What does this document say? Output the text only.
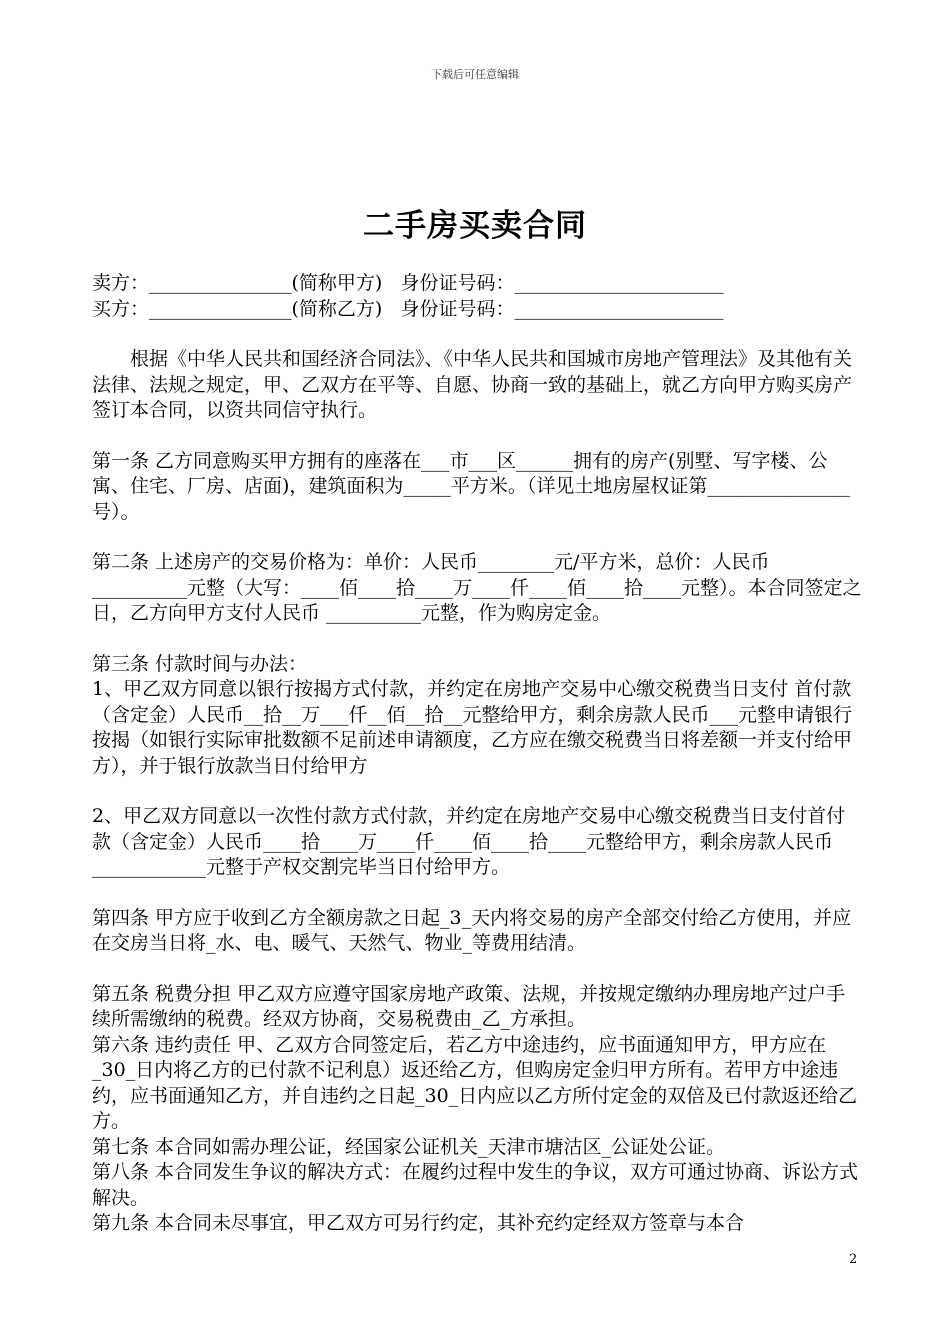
下载后可任意编辑
二手房买卖合同

卖方：_______________(简称甲方)   身份证号码：______________________

买方：_______________(简称乙方)   身份证号码：______________________

根据《中华人民共和国经济合同法》、《中华人民共和国城市房地产管理法》及其他有关法律、法规之规定，甲、乙双方在平等、自愿、协商一致的基础上，就乙方向甲方购买房产签订本合同，以资共同信守执行。

第一条 乙方同意购买甲方拥有的座落在___市___区______拥有的房产(别墅、写字楼、公寓、住宅、厂房、店面)，建筑面积为_____平方米。（详见土地房屋权证第_______________号）。

第二条 上述房产的交易价格为：单价：人民币________元/平方米，总价：人民币__________元整（大写：____佰____拾____万____仟____佰____拾____元整）。本合同签定之日，乙方向甲方支付人民币 __________元整，作为购房定金。

第三条 付款时间与办法：

1、甲乙双方同意以银行按揭方式付款，并约定在房地产交易中心缴交税费当日支付 首付款（含定金）人民币__拾__万___仟__佰__拾__元整给甲方，剩余房款人民币___元整申请银行按揭（如银行实际审批数额不足前述申请额度，乙方应在缴交税费当日将差额一并支付给甲方），并于银行放款当日付给甲方

2、甲乙双方同意以一次性付款方式付款，并约定在房地产交易中心缴交税费当日支付首付款（含定金）人民币____拾____万____仟____佰____拾____元整给甲方，剩余房款人民币____________元整于产权交割完毕当日付给甲方。

第四条 甲方应于收到乙方全额房款之日起_3_天内将交易的房产全部交付给乙方使用，并应在交房当日将_水、电、暖气、天然气、物业_等费用结清。

第五条 税费分担 甲乙双方应遵守国家房地产政策、法规，并按规定缴纳办理房地产过户手续所需缴纳的税费。经双方协商，交易税费由_乙_方承担。

第六条 违约责任 甲、乙双方合同签定后，若乙方中途违约，应书面通知甲方，甲方应在_30_日内将乙方的已付款不记利息）返还给乙方，但购房定金归甲方所有。若甲方中途违约，应书面通知乙方，并自违约之日起_30_日内应以乙方所付定金的双倍及已付款返还给乙方。

第七条 本合同如需办理公证，经国家公证机关_天津市塘沽区_公证处公证。

第八条 本合同发生争议的解决方式：在履约过程中发生的争议，双方可通过协商、诉讼方式解决。

第九条 本合同未尽事宜，甲乙双方可另行约定，其补充约定经双方签章与本合

2
